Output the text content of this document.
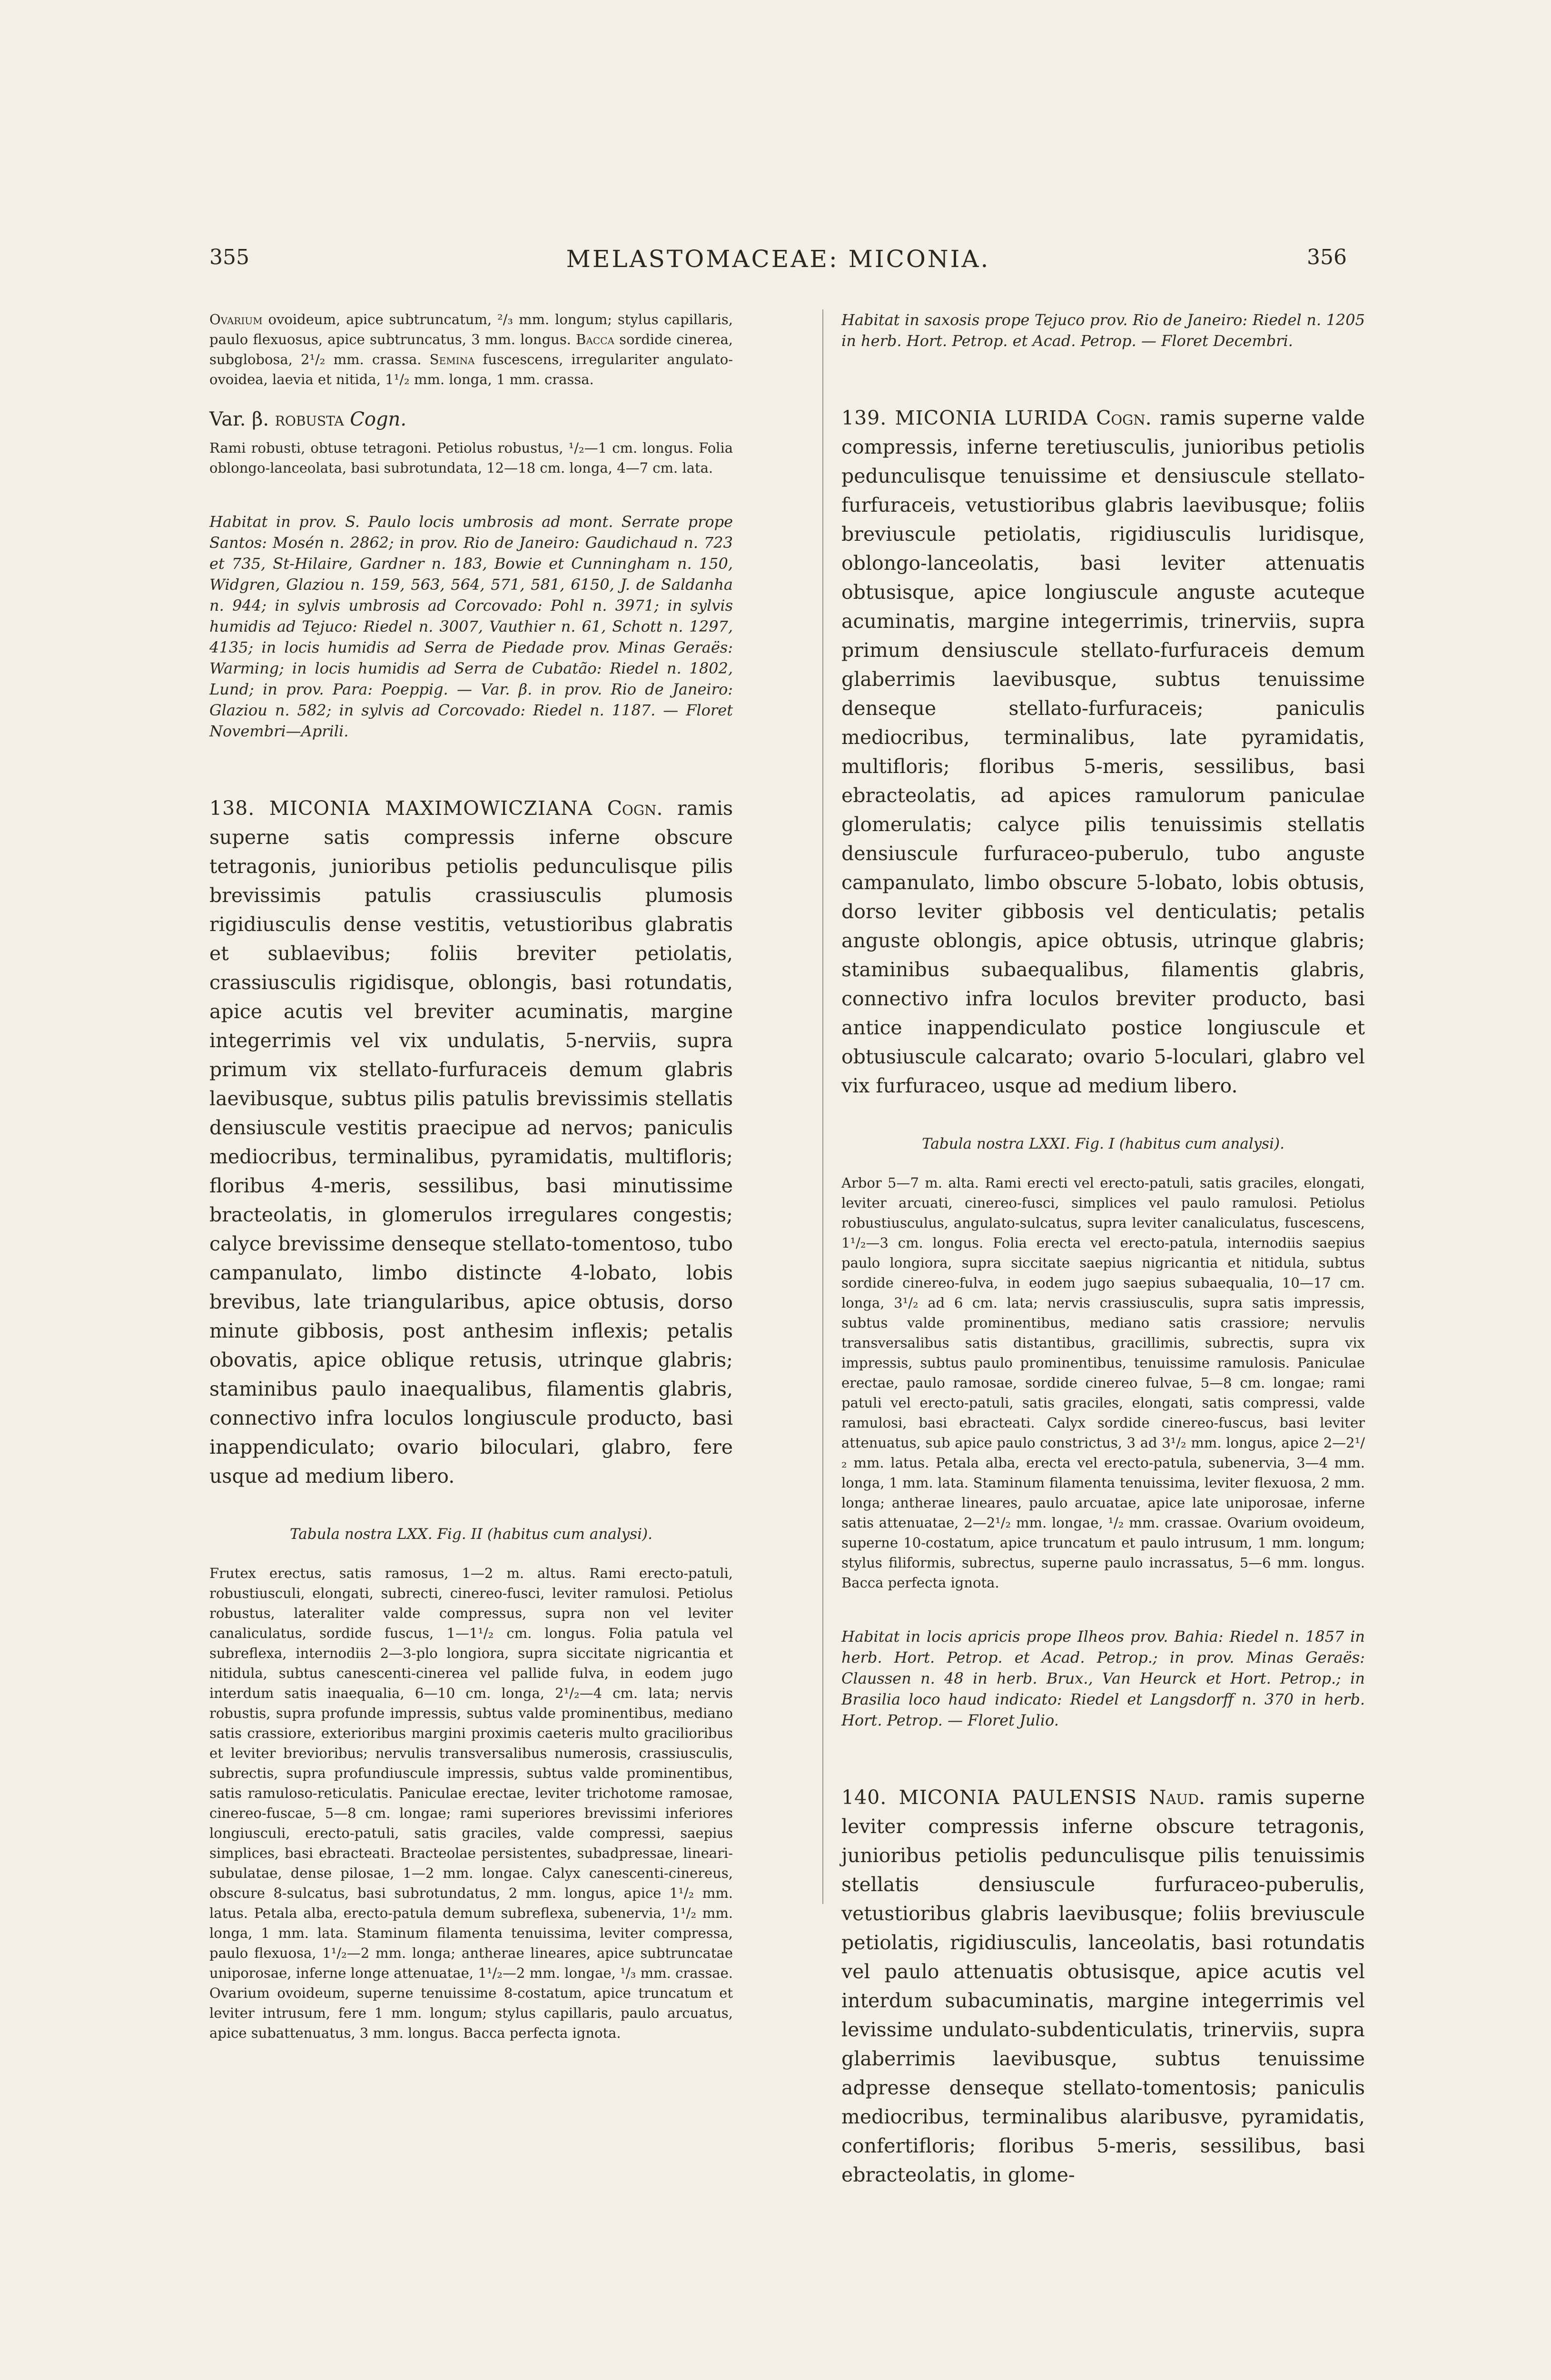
355	MELASTOMACEAE: MICONIA.	356

Ovarium ovoideum, apice subtruncatum, ²/₃ mm. longum; stylus capillaris, paulo flexuosus, apice subtruncatus, 3 mm. longus. Bacca sordide cinerea, subglobosa, 2¹/₂ mm. crassa. Semina fuscescens, irregulariter angulato-ovoidea, laevia et nitida, 1¹/₂ mm. longa, 1 mm. crassa.

Var. β. robusta Cogn.

Rami robusti, obtuse tetragoni. Petiolus robustus, ¹/₂—1 cm. longus. Folia oblongo-lanceolata, basi subrotundata, 12—18 cm. longa, 4—7 cm. lata.

Habitat in prov. S. Paulo locis umbrosis ad mont. Serrate prope Santos: Mosén n. 2862; in prov. Rio de Janeiro: Gaudichaud n. 723 et 735, St-Hilaire, Gardner n. 183, Bowie et Cunningham n. 150, Widgren, Glaziou n. 159, 563, 564, 571, 581, 6150, J. de Saldanha n. 944; in sylvis umbrosis ad Corcovado: Pohl n. 3971; in sylvis humidis ad Tejuco: Riedel n. 3007, Vauthier n. 61, Schott n. 1297, 4135; in locis humidis ad Serra de Piedade prov. Minas Geraës: Warming; in locis humidis ad Serra de Cubatão: Riedel n. 1802, Lund; in prov. Para: Poeppig. — Var. β. in prov. Rio de Janeiro: Glaziou n. 582; in sylvis ad Corcovado: Riedel n. 1187. — Floret Novembri—Aprili.

138. MICONIA MAXIMOWICZIANA Cogn. ramis superne satis compressis inferne obscure tetragonis, junioribus petiolis pedunculisque pilis brevissimis patulis crassiusculis plumosis rigidiusculis dense vestitis, vetustioribus glabratis et sublaevibus; foliis breviter petiolatis, crassiusculis rigidisque, oblongis, basi rotundatis, apice acutis vel breviter acuminatis, margine integerrimis vel vix undulatis, 5-nerviis, supra primum vix stellato-furfuraceis demum glabris laevibusque, subtus pilis patulis brevissimis stellatis densiuscule vestitis praecipue ad nervos; paniculis mediocribus, terminalibus, pyramidatis, multifloris; floribus 4-meris, sessilibus, basi minutissime bracteolatis, in glomerulos irregulares congestis; calyce brevissime denseque stellato-tomentoso, tubo campanulato, limbo distincte 4-lobato, lobis brevibus, late triangularibus, apice obtusis, dorso minute gibbosis, post anthesim inflexis; petalis obovatis, apice oblique retusis, utrinque glabris; staminibus paulo inaequalibus, filamentis glabris, connectivo infra loculos longiuscule producto, basi inappendiculato; ovario biloculari, glabro, fere usque ad medium libero.

Tabula nostra LXX. Fig. II (habitus cum analysi).

Frutex erectus, satis ramosus, 1—2 m. altus. Rami erecto-patuli, robustiusculi, elongati, subrecti, cinereo-fusci, leviter ramulosi. Petiolus robustus, lateraliter valde compressus, supra non vel leviter canaliculatus, sordide fuscus, 1—1¹/₂ cm. longus. Folia patula vel subreflexa, internodiis 2—3-plo longiora, supra siccitate nigricantia et nitidula, subtus canescenti-cinerea vel pallide fulva, in eodem jugo interdum satis inaequalia, 6—10 cm. longa, 2¹/₂—4 cm. lata; nervis robustis, supra profunde impressis, subtus valde prominentibus, mediano satis crassiore, exterioribus margini proximis caeteris multo gracilioribus et leviter brevioribus; nervulis transversalibus numerosis, crassiusculis, subrectis, supra profundiuscule impressis, subtus valde prominentibus, satis ramuloso-reticulatis. Paniculae erectae, leviter trichotome ramosae, cinereo-fuscae, 5—8 cm. longae; rami superiores brevissimi inferiores longiusculi, erecto-patuli, satis graciles, valde compressi, saepius simplices, basi ebracteati. Bracteolae persistentes, subadpressae, lineari-subulatae, dense pilosae, 1—2 mm. longae. Calyx canescenti-cinereus, obscure 8-sulcatus, basi subrotundatus, 2 mm. longus, apice 1¹/₂ mm. latus. Petala alba, erecto-patula demum subreflexa, subenervia, 1¹/₂ mm. longa, 1 mm. lata. Staminum filamenta tenuissima, leviter compressa, paulo flexuosa, 1¹/₂—2 mm. longa; antherae lineares, apice subtruncatae uniporosae, inferne longe attenuatae, 1¹/₂—2 mm. longae, ¹/₃ mm. crassae. Ovarium ovoideum, superne tenuissime 8-costatum, apice truncatum et leviter intrusum, fere 1 mm. longum; stylus capillaris, paulo arcuatus, apice subattenuatus, 3 mm. longus. Bacca perfecta ignota.

Habitat in saxosis prope Tejuco prov. Rio de Janeiro: Riedel n. 1205 in herb. Hort. Petrop. et Acad. Petrop. — Floret Decembri.

139. MICONIA LURIDA Cogn. ramis superne valde compressis, inferne teretiusculis, junioribus petiolis pedunculisque tenuissime et densiuscule stellato-furfuraceis, vetustioribus glabris laevibusque; foliis breviuscule petiolatis, rigidiusculis luridisque, oblongo-lanceolatis, basi leviter attenuatis obtusisque, apice longiuscule anguste acuteque acuminatis, margine integerrimis, trinerviis, supra primum densiuscule stellato-furfuraceis demum glaberrimis laevibusque, subtus tenuissime denseque stellato-furfuraceis; paniculis mediocribus, terminalibus, late pyramidatis, multifloris; floribus 5-meris, sessilibus, basi ebracteolatis, ad apices ramulorum paniculae glomerulatis; calyce pilis tenuissimis stellatis densiuscule furfuraceo-puberulo, tubo anguste campanulato, limbo obscure 5-lobato, lobis obtusis, dorso leviter gibbosis vel denticulatis; petalis anguste oblongis, apice obtusis, utrinque glabris; staminibus subaequalibus, filamentis glabris, connectivo infra loculos breviter producto, basi antice inappendiculato postice longiuscule et obtusiuscule calcarato; ovario 5-loculari, glabro vel vix furfuraceo, usque ad medium libero.

Tabula nostra LXXI. Fig. I (habitus cum analysi).

Arbor 5—7 m. alta. Rami erecti vel erecto-patuli, satis graciles, elongati, leviter arcuati, cinereo-fusci, simplices vel paulo ramulosi. Petiolus robustiusculus, angulato-sulcatus, supra leviter canaliculatus, fuscescens, 1¹/₂—3 cm. longus. Folia erecta vel erecto-patula, internodiis saepius paulo longiora, supra siccitate saepius nigricantia et nitidula, subtus sordide cinereo-fulva, in eodem jugo saepius subaequalia, 10—17 cm. longa, 3¹/₂ ad 6 cm. lata; nervis crassiusculis, supra satis impressis, subtus valde prominentibus, mediano satis crassiore; nervulis transversalibus satis distantibus, gracillimis, subrectis, supra vix impressis, subtus paulo prominentibus, tenuissime ramulosis. Paniculae erectae, paulo ramosae, sordide cinereo fulvae, 5—8 cm. longae; rami patuli vel erecto-patuli, satis graciles, elongati, satis compressi, valde ramulosi, basi ebracteati. Calyx sordide cinereo-fuscus, basi leviter attenuatus, sub apice paulo constrictus, 3 ad 3¹/₂ mm. longus, apice 2—2¹/₂ mm. latus. Petala alba, erecta vel erecto-patula, subenervia, 3—4 mm. longa, 1 mm. lata. Staminum filamenta tenuissima, leviter flexuosa, 2 mm. longa; antherae lineares, paulo arcuatae, apice late uniporosae, inferne satis attenuatae, 2—2¹/₂ mm. longae, ¹/₂ mm. crassae. Ovarium ovoideum, superne 10-costatum, apice truncatum et paulo intrusum, 1 mm. longum; stylus filiformis, subrectus, superne paulo incrassatus, 5—6 mm. longus. Bacca perfecta ignota.

Habitat in locis apricis prope Ilheos prov. Bahia: Riedel n. 1857 in herb. Hort. Petrop. et Acad. Petrop.; in prov. Minas Geraës: Claussen n. 48 in herb. Brux., Van Heurck et Hort. Petrop.; in Brasilia loco haud indicato: Riedel et Langsdorff n. 370 in herb. Hort. Petrop. — Floret Julio.

140. MICONIA PAULENSIS Naud. ramis superne leviter compressis inferne obscure tetragonis, junioribus petiolis pedunculisque pilis tenuissimis stellatis densiuscule furfuraceo-puberulis, vetustioribus glabris laevibusque; foliis breviuscule petiolatis, rigidiusculis, lanceolatis, basi rotundatis vel paulo attenuatis obtusisque, apice acutis vel interdum subacuminatis, margine integerrimis vel levissime undulato-subdenticulatis, trinerviis, supra glaberrimis laevibusque, subtus tenuissime adpresse denseque stellato-tomentosis; paniculis mediocribus, terminalibus alaribusve, pyramidatis, confertifloris; floribus 5-meris, sessilibus, basi ebracteolatis, in glome-
